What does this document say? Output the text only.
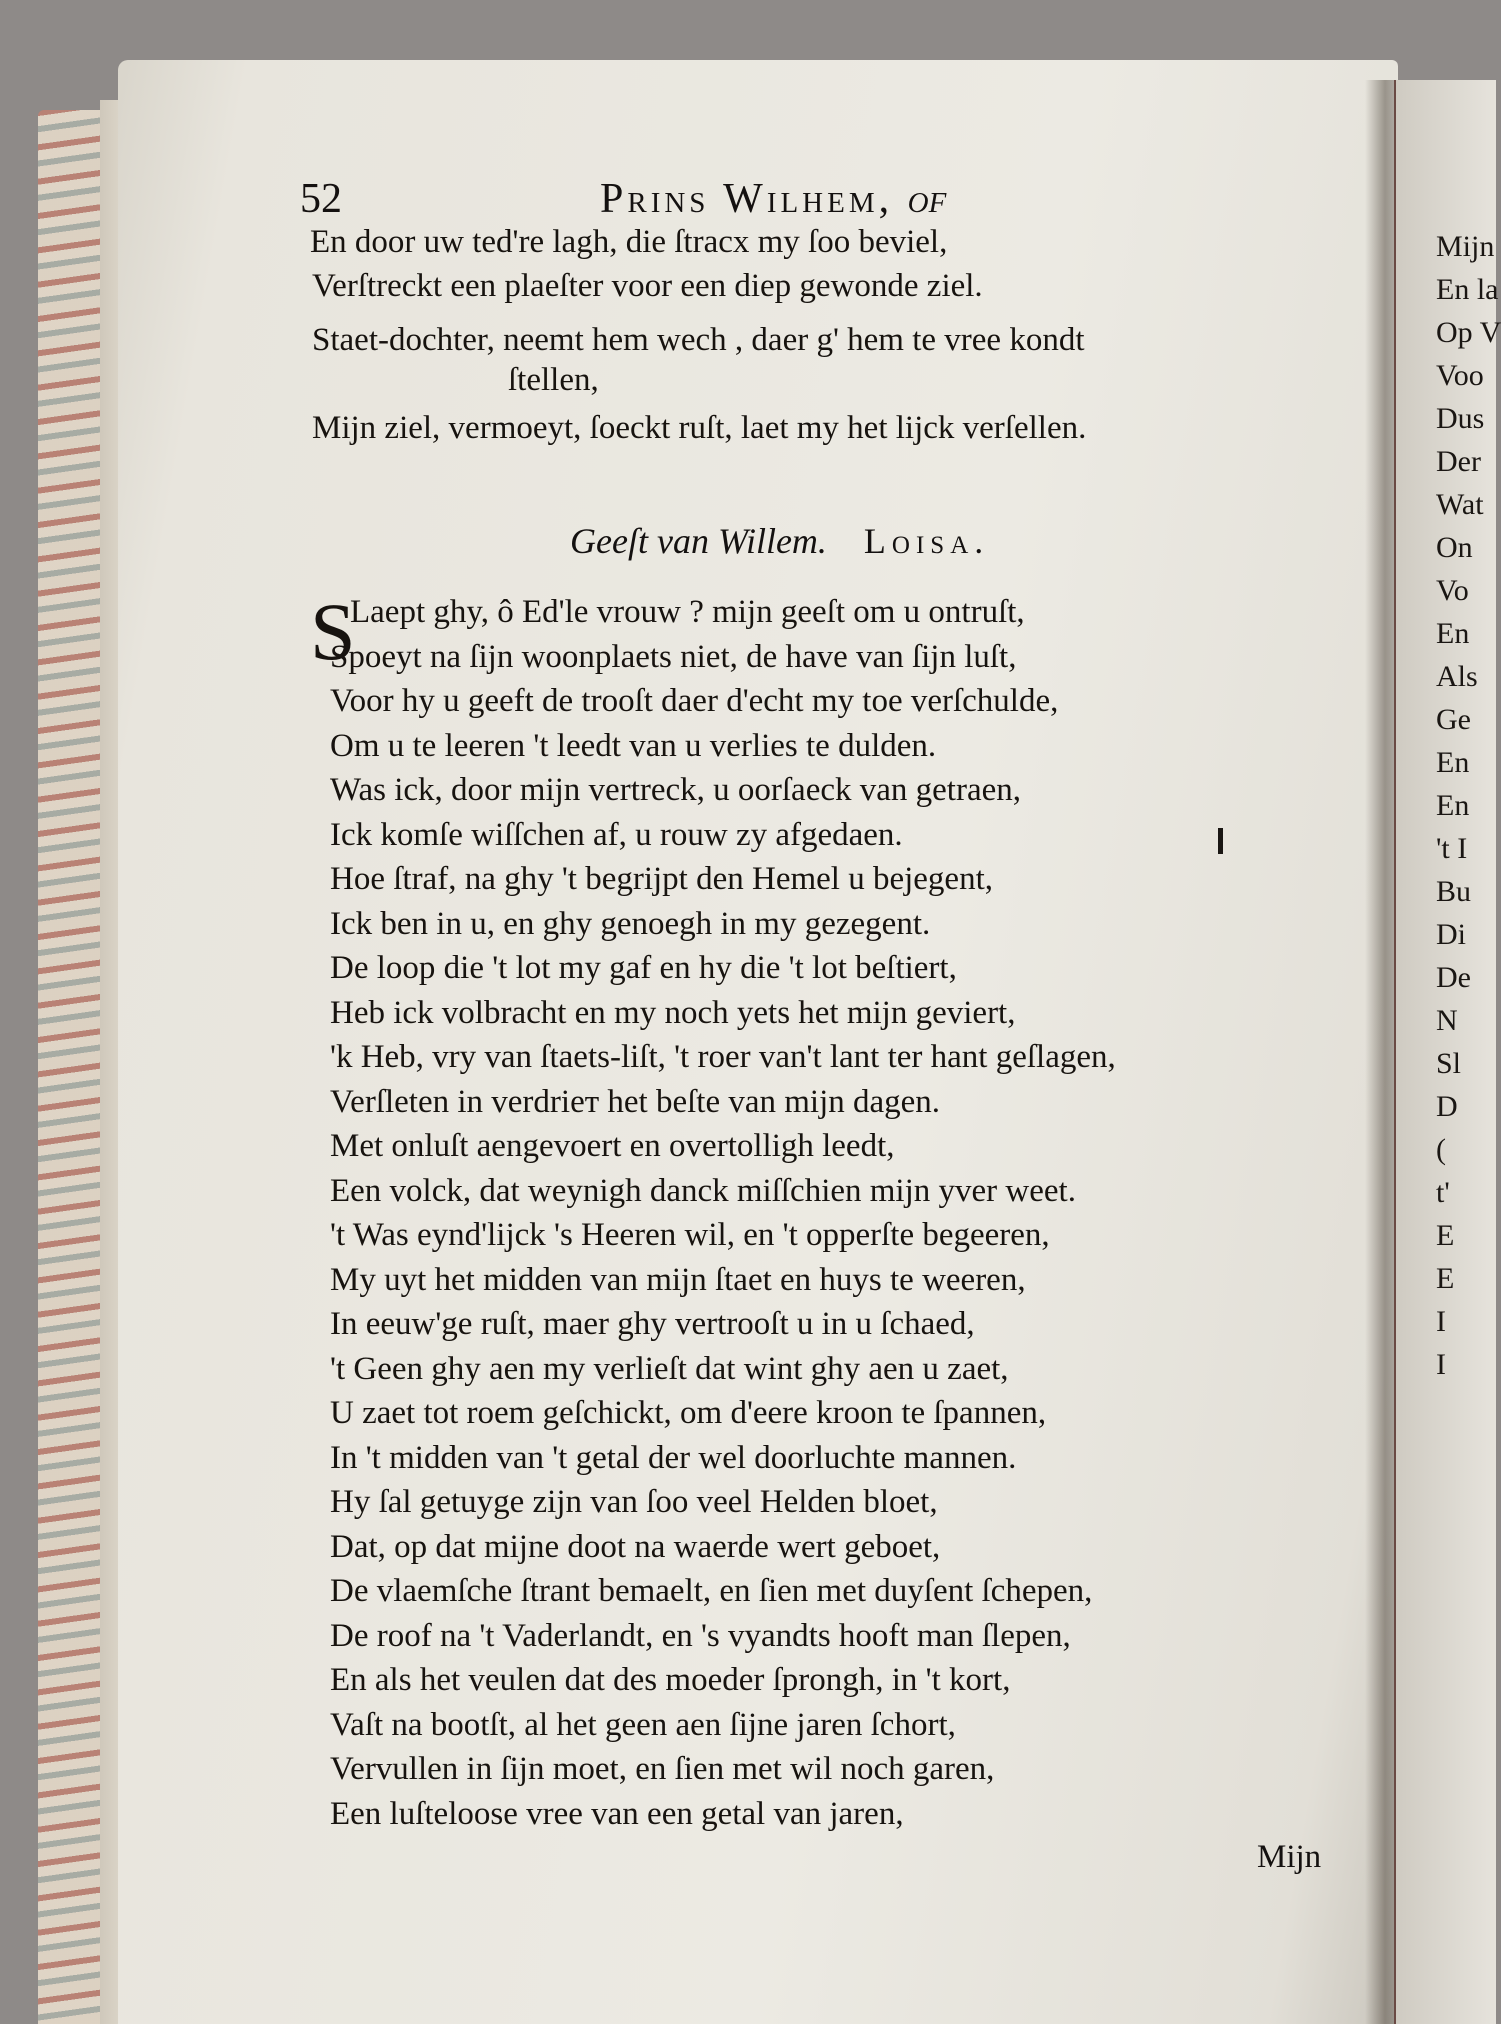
Mijn
En la
Op V
Voo
Dus
Der
Wat
On
Vo
En
Als
Ge
En
En
't I
Bu
Di
De
N
Sl
D
(
t'
E
E
I
I
52	Prins Wilhem, of
En door uw ted're lagh, die ſtracx my ſoo beviel,
Verſtreckt een plaeſter voor een diep gewonde ziel.
Staet-dochter, neemt hem wech , daer g' hem te vree kondt
ſtellen,
Mijn ziel, vermoeyt, ſoeckt ruſt, laet my het lijck verſellen.
Geeſt van Willem. Loisa.
S
Laept ghy, ô Ed'le vrouw ? mijn geeſt om u ontruſt,
Spoeyt na ſijn woonplaets niet, de have van ſijn luſt,
Voor hy u geeft de trooſt daer d'echt my toe verſchulde,
Om u te leeren 't leedt van u verlies te dulden.
Was ick, door mijn vertreck, u oorſaeck van getraen,
Ick komſe wiſſchen af, u rouw zy afgedaen.
Hoe ſtraf, na ghy 't begrijpt den Hemel u bejegent,
Ick ben in u, en ghy genoegh in my gezegent.
De loop die 't lot my gaf en hy die 't lot beſtiert,
Heb ick volbracht en my noch yets het mijn geviert,
'k Heb, vry van ſtaets-liſt, 't roer van't lant ter hant geſlagen,
Verſleten in verdrieт het beſte van mijn dagen.
Met onluſt aengevoert en overtolligh leedt,
Een volck, dat weynigh danck miſſchien mijn yver weet.
't Was eynd'lijck 's Heeren wil, en 't opperſte begeeren,
My uyt het midden van mijn ſtaet en huys te weeren,
In eeuw'ge ruſt, maer ghy vertrooſt u in u ſchaed,
't Geen ghy aen my verlieſt dat wint ghy aen u zaet,
U zaet tot roem geſchickt, om d'eere kroon te ſpannen,
In 't midden van 't getal der wel doorluchte mannen.
Hy ſal getuyge zijn van ſoo veel Helden bloet,
Dat, op dat mijne doot na waerde wert geboet,
De vlaemſche ſtrant bemaelt, en ſien met duyſent ſchepen,
De roof na 't Vaderlandt, en 's vyandts hooft man ſlepen,
En als het veulen dat des moeder ſprongh, in 't kort,
Vaſt na bootſt, al het geen aen ſijne jaren ſchort,
Vervullen in ſijn moet, en ſien met wil noch garen,
Een luſteloose vree van een getal van jaren,
Mijn
